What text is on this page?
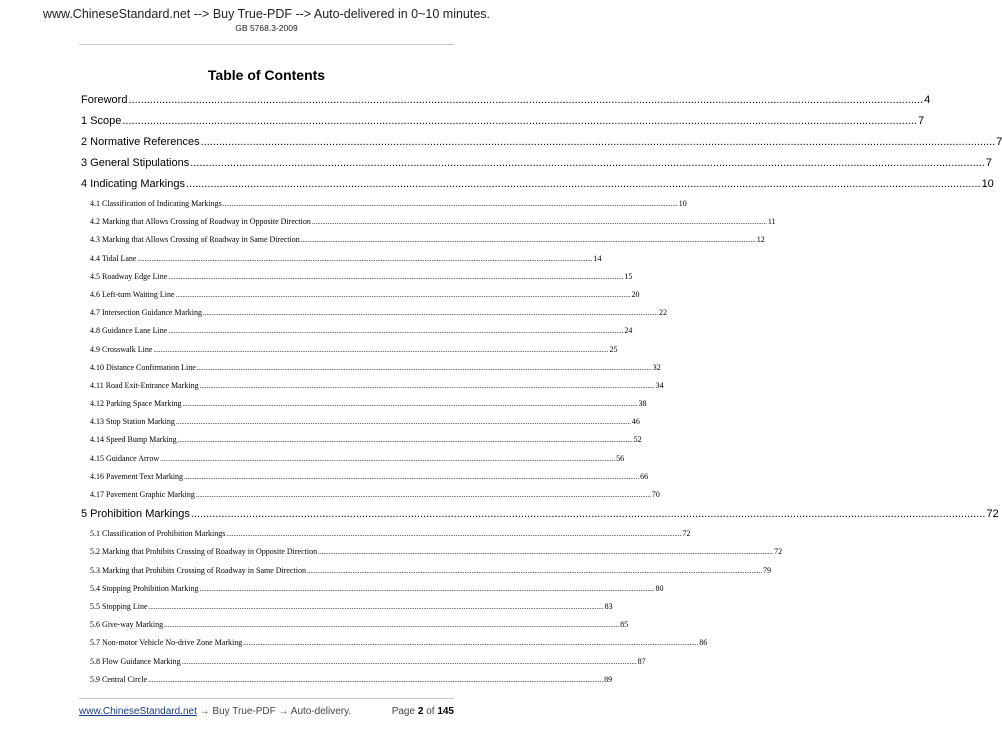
www.ChineseStandard.net --> Buy True-PDF --> Auto-delivered in 0~10 minutes.
GB 5768.3-2009
Table of Contents
Foreword .................................................................................................................................................................................................................................................................... 4
1 Scope .................................................................................................................................................................................................................................................................... 7
2 Normative References .................................................................................................................................................................................................................................................................... 7
3 General Stipulations .................................................................................................................................................................................................................................................................... 7
4 Indicating Markings .................................................................................................................................................................................................................................................................... 10
4.1 Classification of Indicating Markings .................................................................................................................................................................................................................................................................... 10
4.2 Marking that Allows Crossing of Roadway in Opposite Direction .................................................................................................................................................................................................................................................................... 11
4.3 Marking that Allows Crossing of Roadway in Same Direction .................................................................................................................................................................................................................................................................... 12
4.4 Tidal Lane .................................................................................................................................................................................................................................................................... 14
4.5 Roadway Edge Line .................................................................................................................................................................................................................................................................... 15
4.6 Left-turn Waiting Line .................................................................................................................................................................................................................................................................... 20
4.7 Intersection Guidance Marking .................................................................................................................................................................................................................................................................... 22
4.8 Guidance Lane Line .................................................................................................................................................................................................................................................................... 24
4.9 Crosswalk Line .................................................................................................................................................................................................................................................................... 25
4.10 Distance Confirmation Line .................................................................................................................................................................................................................................................................... 32
4.11 Road Exit-Entrance Marking .................................................................................................................................................................................................................................................................... 34
4.12 Parking Space Marking .................................................................................................................................................................................................................................................................... 38
4.13 Stop Station Marking .................................................................................................................................................................................................................................................................... 46
4.14 Speed Bump Marking .................................................................................................................................................................................................................................................................... 52
4.15 Guidance Arrow .................................................................................................................................................................................................................................................................... 56
4.16 Pavement Text Marking .................................................................................................................................................................................................................................................................... 66
4.17 Pavement Graphic Marking .................................................................................................................................................................................................................................................................... 70
5 Prohibition Markings .................................................................................................................................................................................................................................................................... 72
5.1 Classification of Prohibition Markings .................................................................................................................................................................................................................................................................... 72
5.2 Marking that Prohibits Crossing of Roadway in Opposite Direction .................................................................................................................................................................................................................................................................... 72
5.3 Marking that Prohibits Crossing of Roadway in Same Direction .................................................................................................................................................................................................................................................................... 79
5.4 Stopping Prohibition Marking .................................................................................................................................................................................................................................................................... 80
5.5 Stopping Line .................................................................................................................................................................................................................................................................... 83
5.6 Give-way Marking .................................................................................................................................................................................................................................................................... 85
5.7 Non-motor Vehicle No-drive Zone Marking .................................................................................................................................................................................................................................................................... 86
5.8 Flow Guidance Marking .................................................................................................................................................................................................................................................................... 87
5.9 Central Circle .................................................................................................................................................................................................................................................................... 89
www.ChineseStandard.net → Buy True-PDF → Auto-delivery.	Page 2 of 145
